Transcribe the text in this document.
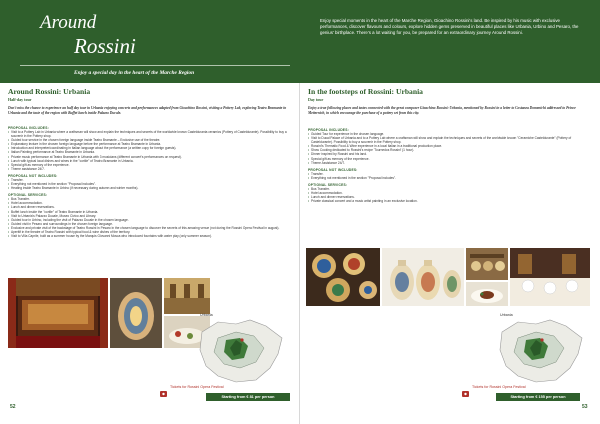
Around
Rossini
Enjoy a special day in the heart of the Marche Region
Enjoy special moments in the heart of the Marche Region, Gioachino Rossini's land. Be inspired by his music with exclusive performances, discover flavours and colours, explore hidden gems preserved in beautiful places like Urbania, Urbino and Pesaro, the genius' birthplace. There's a lot waiting for you, be prepared for an extraordinary journey Around Rossini.
Around Rossini: Urbania
Half-day tour
Don't miss the chance to experience an half day tour in Urbania enjoying concerts and performances adapted from Gioachino Rossini, visiting a Pottery Lab, exploring Teatro Bramante in Urbania and the taste of the region with Buffet lunch inside Palazzo Ducale.
PROPOSAL INCLUDES:
• Visit to a Pottery Lab in Urbania where a craftsman will show and explain the techniques and secrets of the worldwide known Castelduranta ceramics (Pottery of Casteldurante). Possibility to buy a souvenir in the Pottery shop.
• Guided tour service in the chosen foreign language inside Teatro Bramante – Exclusive use of the theatre.
• Explanatory lecture in the chosen foreign language before the performance at Teatro Bramante in Urbania.
• Introduction and interpreter/coordinating in Italian language about the performance (a written copy for foreign guests).
• Italian Painting performance at Teatro Bramante in Urbania.
• Private music performance at Teatro Bramante in Urbania with 3 musicians (different concert's performances on request).
• Lunch with typical local dishes and wines in the "cortile" of Teatro Bramante in Urbania.
• Special gift as memory of the experience.
• Theme assistance 24/7.
PROPOSAL NOT INCLUDES:
• Transfer.
• Everything not mentioned in the section "Proposal includes".
• Heating inside Teatro Bramante in Urbino (if necessary during autumn and winter months).
OPTIONAL SERVICES:
• Bus Transfer.
• Hotel accommodation.
• Lunch and dinner reservations.
• Buffet lunch inside the "cortile" of Teatro Bramante in Urbania.
• Visit to Urbania's Palazzo Ducale, Museo Civico and Library.
• Guided tour in Urbino, including the visit of Palazzo Ducale in the chosen language.
• Guided visit in Pesaro and surroundings in the chosen foreign language.
• Exclusive and private visit of the backstage of Teatro Rossini in Pesaro in the chosen language to discover the secrets of this amazing venue (not during the Rossini Opera Festival in august).
• Aperitif in the theatre of Teatro Rossini with typical food & wine dishes of the territory.
• Visit to Villa Caprile, built as a summer house by the Marquis Giovanni Mosca who introduced fountains with water play (only summer season).
Urbania
Tickets for Rossini Opera Festival
Starting from € 81 per person
52
In the footsteps of Rossini: Urbania
Day tour
Enjoy a true following places and tastes connected with the great composer Gioachino Rossini: Urbania, mentioned by Rossini in a letter to Costanza Domenichi addressed to Prince Metternich, in which encourage the purchase of a pottery set from this city.
PROPOSAL INCLUDES:
• Guided Tour for experience in the chosen language.
• Visit to Ducal Palace of Urbania and to a Pottery Lab where a craftsman will show and explain the techniques and secrets of the worldwide known "Ceramiche Casteldurante" (Pottery of Casteldurante). Possibility to buy a souvenir in the Pottery shop.
• Rossini's Thematic Food & Wine experience in a local Italian in a traditional production place.
• Show Cooking dedicated to Rossini's recipe 'Tournedos Rossini' (1 hour).
• Dinner inspired by Rossini and his land.
• Special gift as memory of the experience.
• Theme Assistance 24/7.
PROPOSAL NOT INCLUDES:
• Transfer.
• Everything not mentioned in the section "Proposal includes".
OPTIONAL SERVICES:
• Bus Transfer.
• Hotel accommodation.
• Lunch and dinner reservations.
• Private classical concert and a music artist painting in an exclusive location.
Urbania
Tickets for Rossini Opera Festival
Starting from € 155 per person
53
